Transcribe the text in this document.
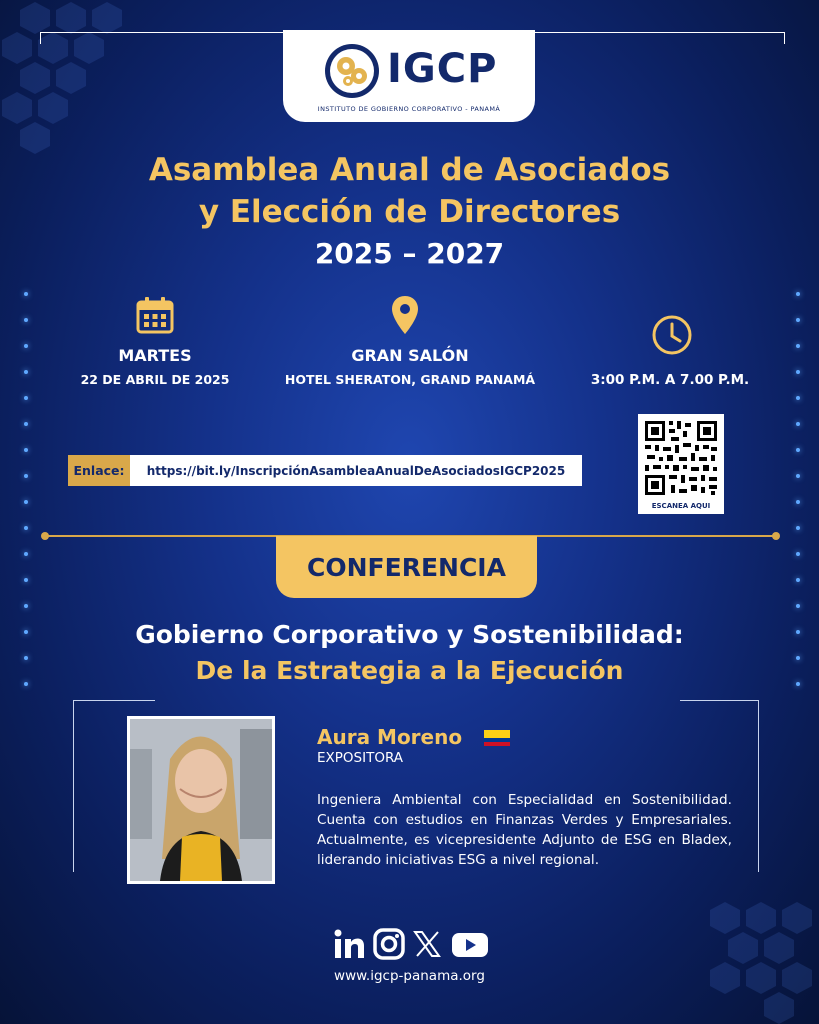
IGCP
INSTITUTO DE GOBIERNO CORPORATIVO - PANAMÁ
Asamblea Anual de Asociados
y Elección de Directores
2025 – 2027
MARTES
22 DE ABRIL DE 2025
GRAN SALÓN
HOTEL SHERATON, GRAND PANAMÁ	3:00 P.M. A 7.00 P.M.
Enlace:	https://bit.ly/InscripciónAsambleaAnualDeAsociadosIGCP2025
ESCANEA AQUI
CONFERENCIA
Gobierno Corporativo y Sostenibilidad:
De la Estrategia a la Ejecución
Aura Moreno
EXPOSITORA
Ingeniera Ambiental con Especialidad en Sostenibilidad. Cuenta con estudios en Finanzas Verdes y Empresariales. Actualmente, es vicepresidente Adjunto de ESG en Bladex, liderando iniciativas ESG a nivel regional.
www.igcp-panama.org
